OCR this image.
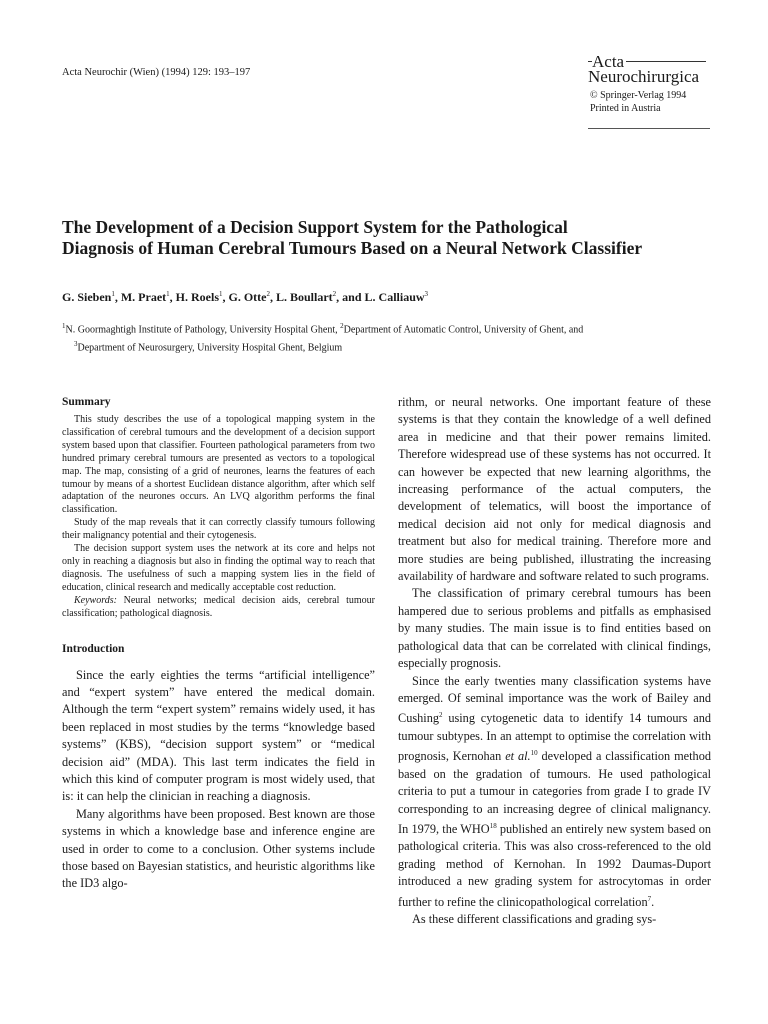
Acta Neurochir (Wien) (1994) 129: 193–197
Acta
Neurochirurgica
© Springer-Verlag 1994
Printed in Austria
The Development of a Decision Support System for the Pathological
Diagnosis of Human Cerebral Tumours Based on a Neural Network Classifier
G. Sieben$^1$, M. Praet$^1$, H. Roels$^1$, G. Otte$^2$, L. Boullart$^2$, and L. Calliauw$^3$
$^1$N. Goormaghtigh Institute of Pathology, University Hospital Ghent, $^2$Department of Automatic Control, University of Ghent, and
$^3$Department of Neurosurgery, University Hospital Ghent, Belgium
Summary

This study describes the use of a topological mapping system in the classification of cerebral tumours and the development of a decision support system based upon that classifier. Fourteen pathological parameters from two hundred primary cerebral tumours are presented as vectors to a topological map. The map, consisting of a grid of neurones, learns the features of each tumour by means of a shortest Euclidean distance algorithm, after which self adaptation of the neurones occurs. An LVQ algorithm performs the final classification.

Study of the map reveals that it can correctly classify tumours following their malignancy potential and their cytogenesis.

The decision support system uses the network at its core and helps not only in reaching a diagnosis but also in finding the optimal way to reach that diagnosis. The usefulness of such a mapping system lies in the field of education, clinical research and medically acceptable cost reduction.

Keywords: Neural networks; medical decision aids, cerebral tumour classification; pathological diagnosis.
Introduction

Since the early eighties the terms “artificial intelligence” and “expert system” have entered the medical domain. Although the term “expert system” remains widely used, it has been replaced in most studies by the terms “knowledge based systems” (KBS), “decision support system” or “medical decision aid” (MDA). This last term indicates the field in which this kind of computer program is most widely used, that is: it can help the clinician in reaching a diagnosis.

Many algorithms have been proposed. Best known are those systems in which a knowledge base and inference engine are used in order to come to a conclusion. Other systems include those based on Bayesian statistics, and heuristic algorithms like the ID3 algo-

rithm, or neural networks. One important feature of these systems is that they contain the knowledge of a well defined area in medicine and that their power remains limited. Therefore widespread use of these systems has not occurred. It can however be expected that new learning algorithms, the increasing performance of the actual computers, the development of telematics, will boost the importance of medical decision aid not only for medical diagnosis and treatment but also for medical training. Therefore more and more studies are being published, illustrating the increasing availability of hardware and software related to such programs.

The classification of primary cerebral tumours has been hampered due to serious problems and pitfalls as emphasised by many studies. The main issue is to find entities based on pathological data that can be correlated with clinical findings, especially prognosis.

Since the early twenties many classification systems have emerged. Of seminal importance was the work of Bailey and Cushing$^2$ using cytogenetic data to identify 14 tumours and tumour subtypes. In an attempt to optimise the correlation with prognosis, Kernohan et al.$^{10}$ developed a classification method based on the gradation of tumours. He used pathological criteria to put a tumour in categories from grade I to grade IV corresponding to an increasing degree of clinical malignancy. In 1979, the WHO$^{18}$ published an entirely new system based on pathological criteria. This was also cross-referenced to the old grading method of Kernohan. In 1992 Daumas-Duport introduced a new grading system for astrocytomas in order further to refine the clinicopathological correlation$^7$.

As these different classifications and grading sys-
